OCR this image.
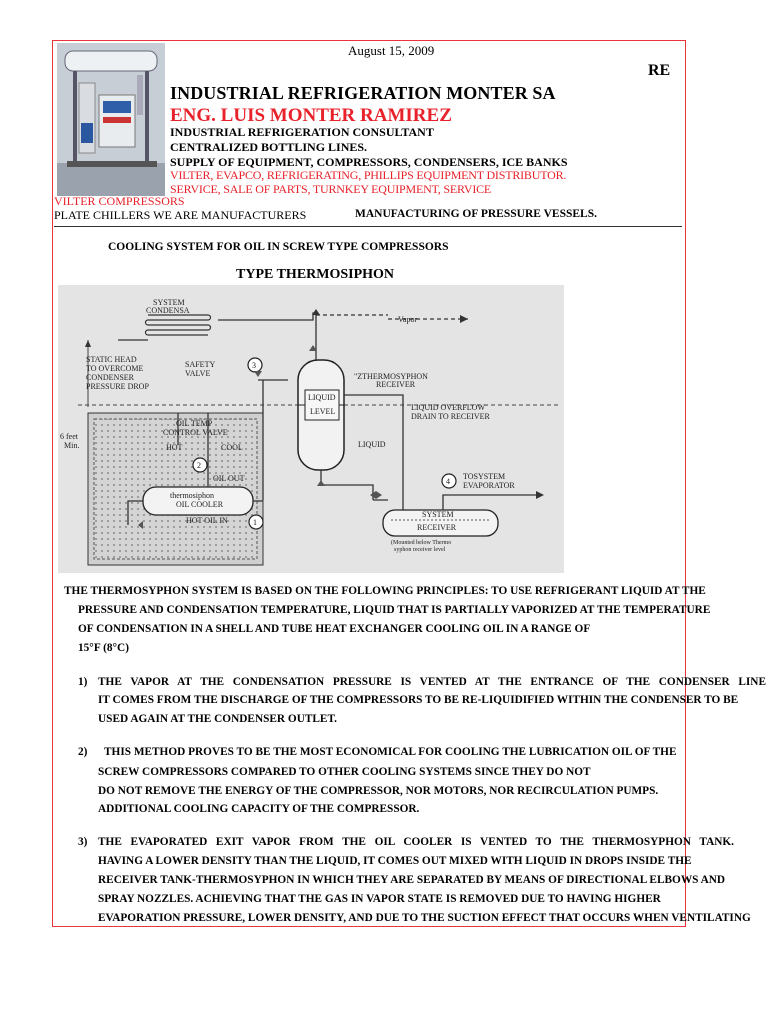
August 15, 2009
RE
INDUSTRIAL REFRIGERATION MONTER SA
ENG. LUIS MONTER RAMIREZ
INDUSTRIAL REFRIGERATION CONSULTANT
CENTRALIZED BOTTLING LINES.
SUPPLY OF EQUIPMENT, COMPRESSORS, CONDENSERS, ICE BANKS
VILTER, EVAPCO, REFRIGERATING, PHILLIPS EQUIPMENT DISTRIBUTOR.
SERVICE, SALE OF PARTS, TURNKEY EQUIPMENT, SERVICE
VILTER COMPRESSORS
PLATE CHILLERS WE ARE MANUFACTURERS	MANUFACTURING OF PRESSURE VESSELS.
COOLING SYSTEM FOR OIL IN SCREW TYPE COMPRESSORS
TYPE THERMOSIPHON
SYSTEM
CONDENSA
Vapor
STATIC HEAD
TO OVERCOME
CONDENSER
PRESSURE DROP
SAFETY
VALVE
3
"ZTHERMOSYPHON
RECEIVER
LIQUID
LEVEL	LIQUID OVERFLOW
DRAIN TO RECEIVER
OIL TEMP
CONTROL VALVE
HOT	COOL
6 feet
Min.
2
OIL OUT
LIQUID
thermosiphon
OIL COOLER
HOT OIL IN	1
4
TOSYSTEM
EVAPORATOR
SYSTEM
RECEIVER
(Mounted below Thermo
syphon receiver level
THE THERMOSYPHON SYSTEM IS BASED ON THE FOLLOWING PRINCIPLES: TO USE REFRIGERANT LIQUID AT THE
PRESSURE AND CONDENSATION TEMPERATURE, LIQUID THAT IS PARTIALLY VAPORIZED AT THE TEMPERATURE
OF CONDENSATION IN A SHELL AND TUBE HEAT EXCHANGER COOLING OIL IN A RANGE OF
15°F (8°C)
1) THE VAPOR AT THE CONDENSATION PRESSURE IS VENTED AT THE ENTRANCE OF THE CONDENSER LINE
IT COMES FROM THE DISCHARGE OF THE COMPRESSORS TO BE RE-LIQUIDIFIED WITHIN THE CONDENSER TO BE
USED AGAIN AT THE CONDENSER OUTLET.
2) THIS METHOD PROVES TO BE THE MOST ECONOMICAL FOR COOLING THE LUBRICATION OIL OF THE
SCREW COMPRESSORS COMPARED TO OTHER COOLING SYSTEMS SINCE THEY DO NOT
DO NOT REMOVE THE ENERGY OF THE COMPRESSOR, NOR MOTORS, NOR RECIRCULATION PUMPS.
ADDITIONAL COOLING CAPACITY OF THE COMPRESSOR.
3) THE EVAPORATED EXIT VAPOR FROM THE OIL COOLER IS VENTED TO THE THERMOSYPHON TANK.
HAVING A LOWER DENSITY THAN THE LIQUID, IT COMES OUT MIXED WITH LIQUID IN DROPS INSIDE THE
RECEIVER TANK-THERMOSYPHON IN WHICH THEY ARE SEPARATED BY MEANS OF DIRECTIONAL ELBOWS AND
SPRAY NOZZLES. ACHIEVING THAT THE GAS IN VAPOR STATE IS REMOVED DUE TO HAVING HIGHER
EVAPORATION PRESSURE, LOWER DENSITY, AND DUE TO THE SUCTION EFFECT THAT OCCURS WHEN VENTILATING
